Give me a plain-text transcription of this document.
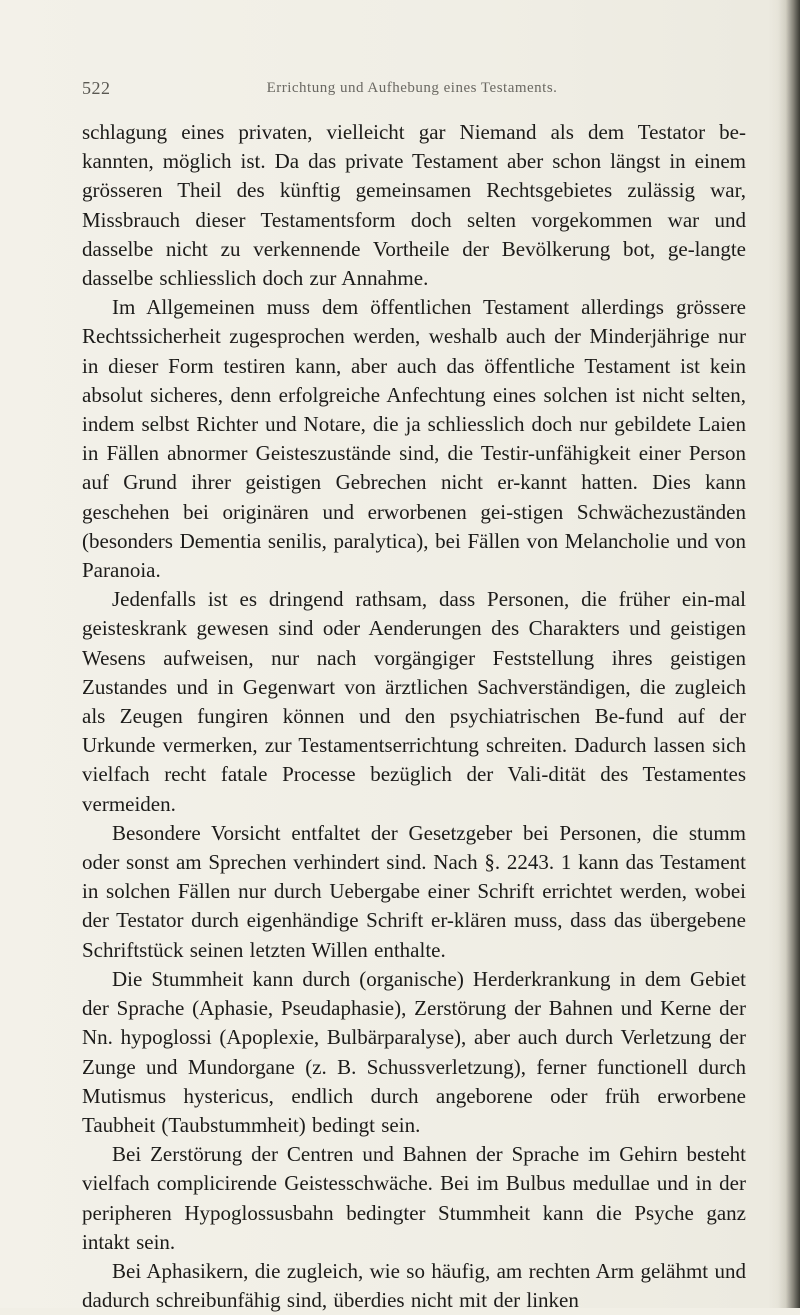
522	Errichtung und Aufhebung eines Testaments.

schlagung eines privaten, vielleicht gar Niemand als dem Testator be-kannten, möglich ist. Da das private Testament aber schon längst in einem grösseren Theil des künftig gemeinsamen Rechtsgebietes zulässig war, Missbrauch dieser Testamentsform doch selten vorgekommen war und dasselbe nicht zu verkennende Vortheile der Bevölkerung bot, ge-langte dasselbe schliesslich doch zur Annahme.

Im Allgemeinen muss dem öffentlichen Testament allerdings grössere Rechtssicherheit zugesprochen werden, weshalb auch der Minderjährige nur in dieser Form testiren kann, aber auch das öffentliche Testament ist kein absolut sicheres, denn erfolgreiche Anfechtung eines solchen ist nicht selten, indem selbst Richter und Notare, die ja schliesslich doch nur gebildete Laien in Fällen abnormer Geisteszustände sind, die Testir-unfähigkeit einer Person auf Grund ihrer geistigen Gebrechen nicht er-kannt hatten. Dies kann geschehen bei originären und erworbenen gei-stigen Schwächezuständen (besonders Dementia senilis, paralytica), bei Fällen von Melancholie und von Paranoia.

Jedenfalls ist es dringend rathsam, dass Personen, die früher ein-mal geisteskrank gewesen sind oder Aenderungen des Charakters und geistigen Wesens aufweisen, nur nach vorgängiger Feststellung ihres geistigen Zustandes und in Gegenwart von ärztlichen Sachverständigen, die zugleich als Zeugen fungiren können und den psychiatrischen Be-fund auf der Urkunde vermerken, zur Testamentserrichtung schreiten. Dadurch lassen sich vielfach recht fatale Processe bezüglich der Vali-dität des Testamentes vermeiden.

Besondere Vorsicht entfaltet der Gesetzgeber bei Personen, die stumm oder sonst am Sprechen verhindert sind. Nach §. 2243. 1 kann das Testament in solchen Fällen nur durch Uebergabe einer Schrift errichtet werden, wobei der Testator durch eigenhändige Schrift er-klären muss, dass das übergebene Schriftstück seinen letzten Willen enthalte.

Die Stummheit kann durch (organische) Herderkrankung in dem Gebiet der Sprache (Aphasie, Pseudaphasie), Zerstörung der Bahnen und Kerne der Nn. hypoglossi (Apoplexie, Bulbärparalyse), aber auch durch Verletzung der Zunge und Mundorgane (z. B. Schussverletzung), ferner functionell durch Mutismus hystericus, endlich durch angeborene oder früh erworbene Taubheit (Taubstummheit) bedingt sein.

Bei Zerstörung der Centren und Bahnen der Sprache im Gehirn besteht vielfach complicirende Geistesschwäche. Bei im Bulbus medullae und in der peripheren Hypoglossusbahn bedingter Stummheit kann die Psyche ganz intakt sein.

Bei Aphasikern, die zugleich, wie so häufig, am rechten Arm gelähmt und dadurch schreibunfähig sind, überdies nicht mit der linken
